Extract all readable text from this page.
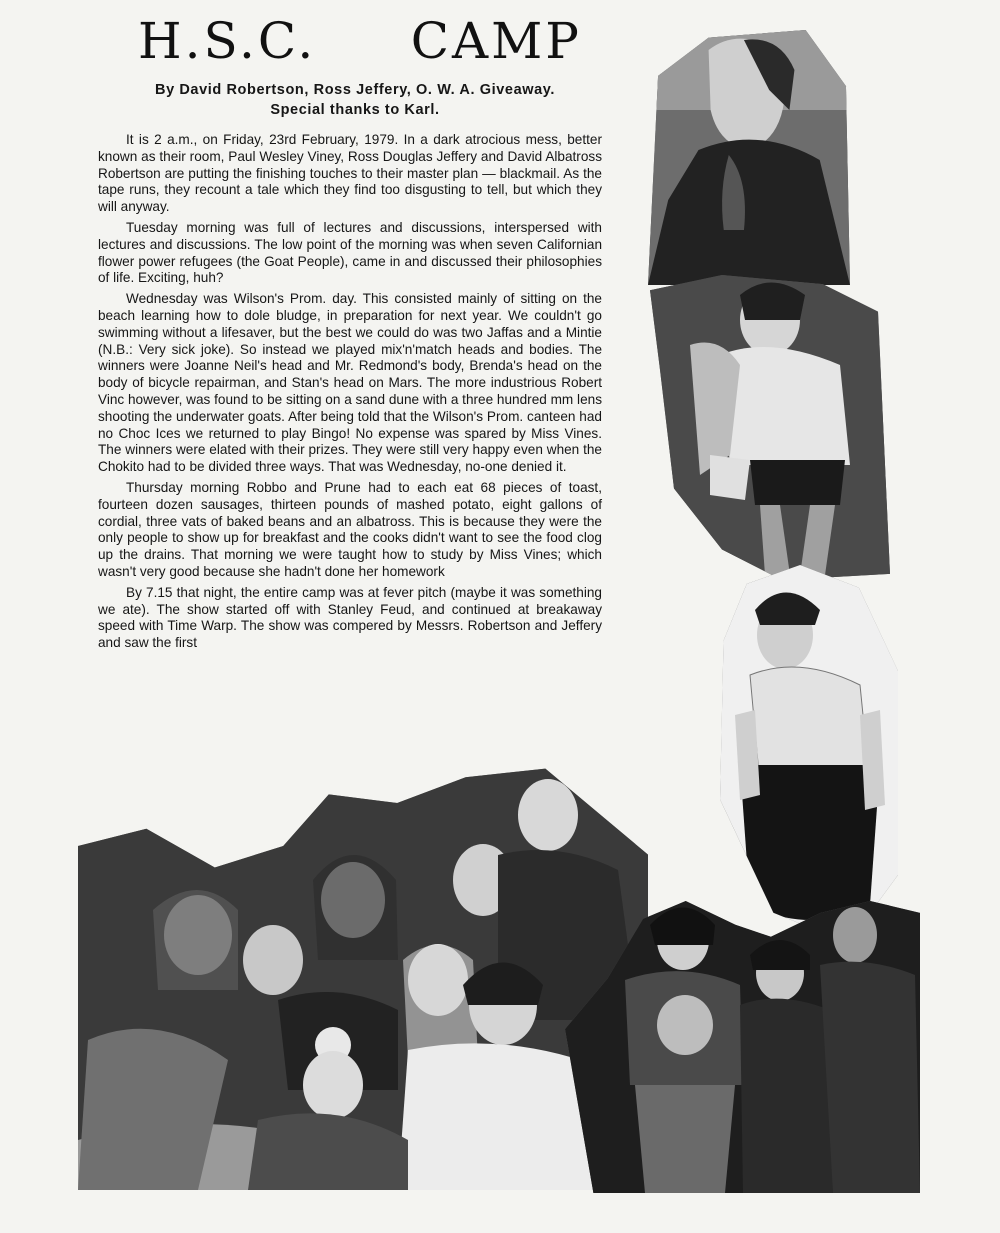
H.S.C.     CAMP
By David Robertson, Ross Jeffery, O. W. A. Giveaway.
Special thanks to Karl.

It is 2 a.m., on Friday, 23rd February, 1979. In a dark atrocious mess, better known as their room, Paul Wesley Viney, Ross Douglas Jeffery and David Albatross Robertson are putting the finishing touches to their master plan — blackmail. As the tape runs, they recount a tale which they find too disgusting to tell, but which they will anyway.

Tuesday morning was full of lectures and discussions, interspersed with lectures and discussions. The low point of the morning was when seven Californian flower power refugees (the Goat People), came in and discussed their philosophies of life. Exciting, huh?

Wednesday was Wilson's Prom. day. This consisted mainly of sitting on the beach learning how to dole bludge, in preparation for next year. We couldn't go swimming without a lifesaver, but the best we could do was two Jaffas and a Mintie (N.B.: Very sick joke). So instead we played mix'n'match heads and bodies. The winners were Joanne Neil's head and Mr. Redmond's body, Brenda's head on the body of bicycle repairman, and Stan's head on Mars. The more industrious Robert Vinc however, was found to be sitting on a sand dune with a three hundred mm lens shooting the underwater goats. After being told that the Wilson's Prom. canteen had no Choc Ices we returned to play Bingo! No expense was spared by Miss Vines. The winners were elated with their prizes. They were still very happy even when the Chokito had to be divided three ways. That was Wednesday, no-one denied it.

Thursday morning Robbo and Prune had to each eat 68 pieces of toast, fourteen dozen sausages, thirteen pounds of mashed potato, eight gallons of cordial, three vats of baked beans and an albatross. This is because they were the only people to show up for breakfast and the cooks didn't want to see the food clog up the drains. That morning we were taught how to study by Miss Vines; which wasn't very good because she hadn't done her homework

By 7.15 that night, the entire camp was at fever pitch (maybe it was something we ate). The show started off with Stanley Feud, and continued at breakaway speed with Time Warp. The show was compered by Messrs. Robertson and Jeffery and saw the first
